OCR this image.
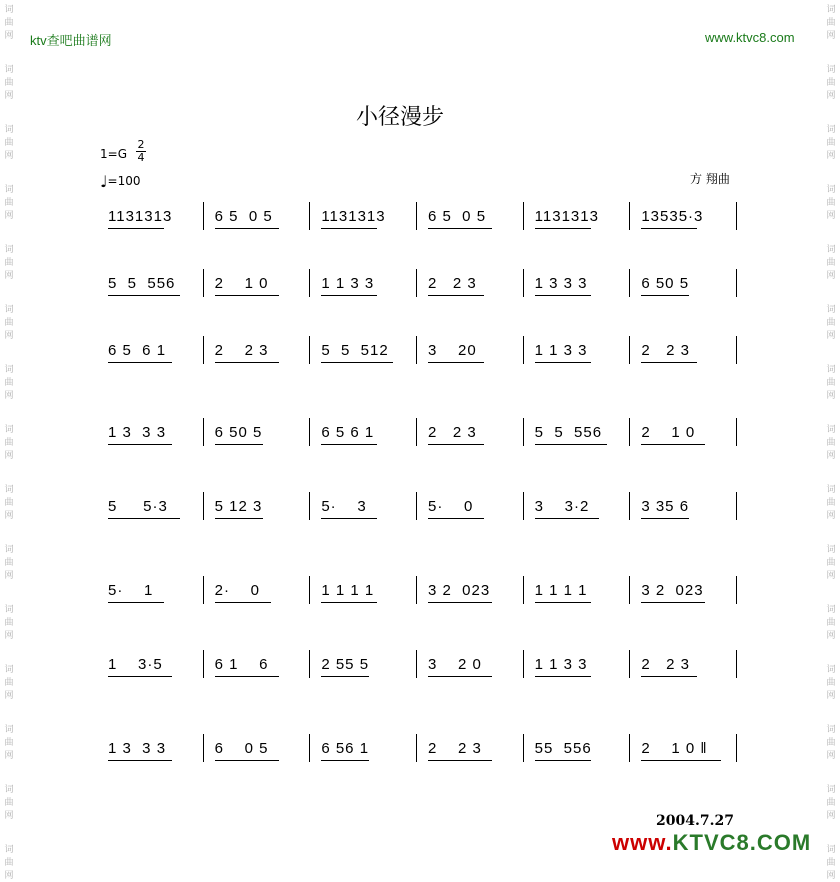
词
曲
网
词
曲
网
词
曲
网
词
曲
网
词
曲
网
词
曲
网
词
曲
网
词
曲
网
词
曲
网
词
曲
网
词
曲
网
词
曲
网
词
曲
网
词
曲
网
词
曲
网
词
曲
网
词
曲
网
词
曲
网
词
曲
网
词
曲
网
词
曲
网
词
曲
网
词
曲
网
词
曲
网
词
曲
网
词
曲
网
词
曲
网
词
曲
网
词
曲
网
词
曲
网
ktv查吧曲谱网	www.ktvc8.com
小径漫步
1=G
2
4
♩=100	方 翔曲
1131313	6 5  0 5	1131313	6 5  0 5	1131313	13535·3
5  5  556	2    1 0	1 1 3 3	2   2 3	1 3 3 3	6 50 5
6 5  6 1	2    2 3	5  5  512	3    20	1 1 3 3	2   2 3
1 3  3 3	6 50 5	6 5 6 1	2   2 3	5  5  556	2    1 0
5     5·3	5 12 3	5·    3	5·    0	3    3·2	3 35 6
5·    1	2·    0	1 1 1 1	3 2  023	1 1 1 1	3 2  023
1    3·5	6 1    6	2 55 5	3    2 0	1 1 3 3	2   2 3
1 3  3 3	6    0 5	6 56 1	2    2 3	55  556	2    1 0 ‖
2004.7.27
www.KTVC8.COM
